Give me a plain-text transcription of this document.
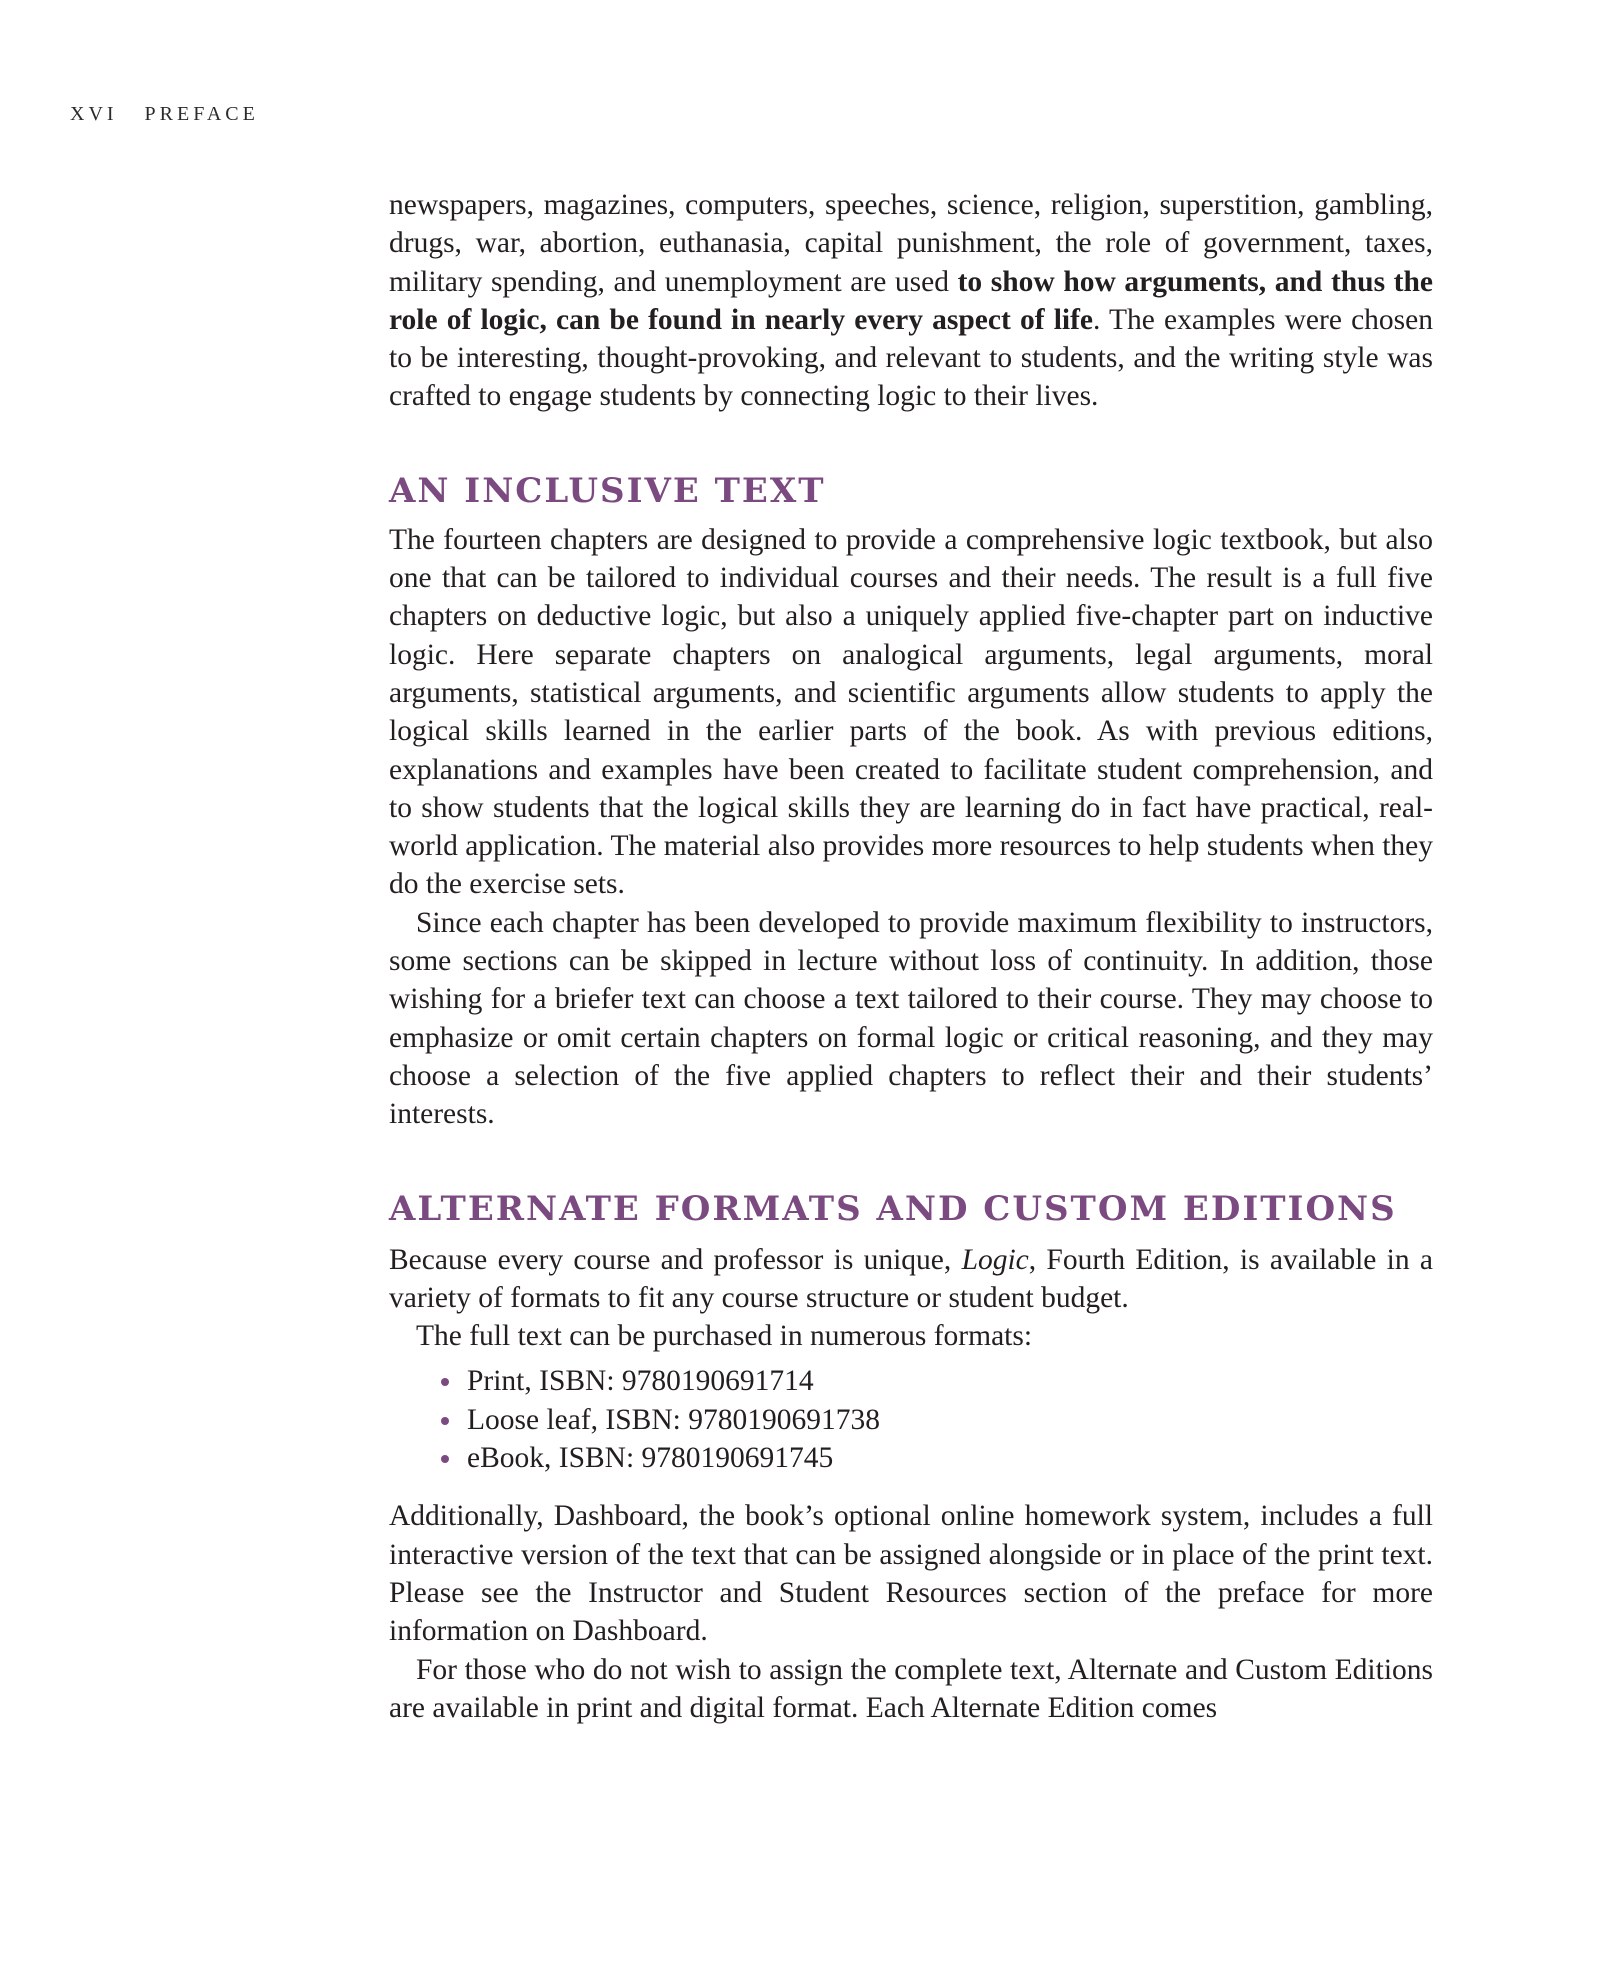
XVI PREFACE

newspapers, magazines, computers, speeches, science, religion, superstition, gambling, drugs, war, abortion, euthanasia, capital punishment, the role of government, taxes, military spending, and unemployment are used to show how arguments, and thus the role of logic, can be found in nearly every aspect of life. The examples were chosen to be interesting, thought-provoking, and relevant to students, and the writing style was crafted to engage students by connecting logic to their lives.

AN INCLUSIVE TEXT

The fourteen chapters are designed to provide a comprehensive logic textbook, but also one that can be tailored to individual courses and their needs. The result is a full five chapters on deductive logic, but also a uniquely applied five-chapter part on inductive logic. Here separate chapters on analogical arguments, legal arguments, moral arguments, statistical arguments, and scientific arguments allow students to apply the logical skills learned in the earlier parts of the book. As with previous editions, explanations and examples have been created to facilitate student comprehension, and to show students that the logical skills they are learning do in fact have practical, real-world application. The material also provides more resources to help students when they do the exercise sets.

Since each chapter has been developed to provide maximum flexibility to instructors, some sections can be skipped in lecture without loss of continuity. In addition, those wishing for a briefer text can choose a text tailored to their course. They may choose to emphasize or omit certain chapters on formal logic or critical reasoning, and they may choose a selection of the five applied chapters to reflect their and their students’ interests.

ALTERNATE FORMATS AND CUSTOM EDITIONS

Because every course and professor is unique, Logic, Fourth Edition, is available in a variety of formats to fit any course structure or student budget.

The full text can be purchased in numerous formats:

Print, ISBN: 9780190691714
Loose leaf, ISBN: 9780190691738
eBook, ISBN: 9780190691745

Additionally, Dashboard, the book’s optional online homework system, includes a full interactive version of the text that can be assigned alongside or in place of the print text. Please see the Instructor and Student Resources section of the preface for more information on Dashboard.

For those who do not wish to assign the complete text, Alternate and Custom Editions are available in print and digital format. Each Alternate Edition comes
